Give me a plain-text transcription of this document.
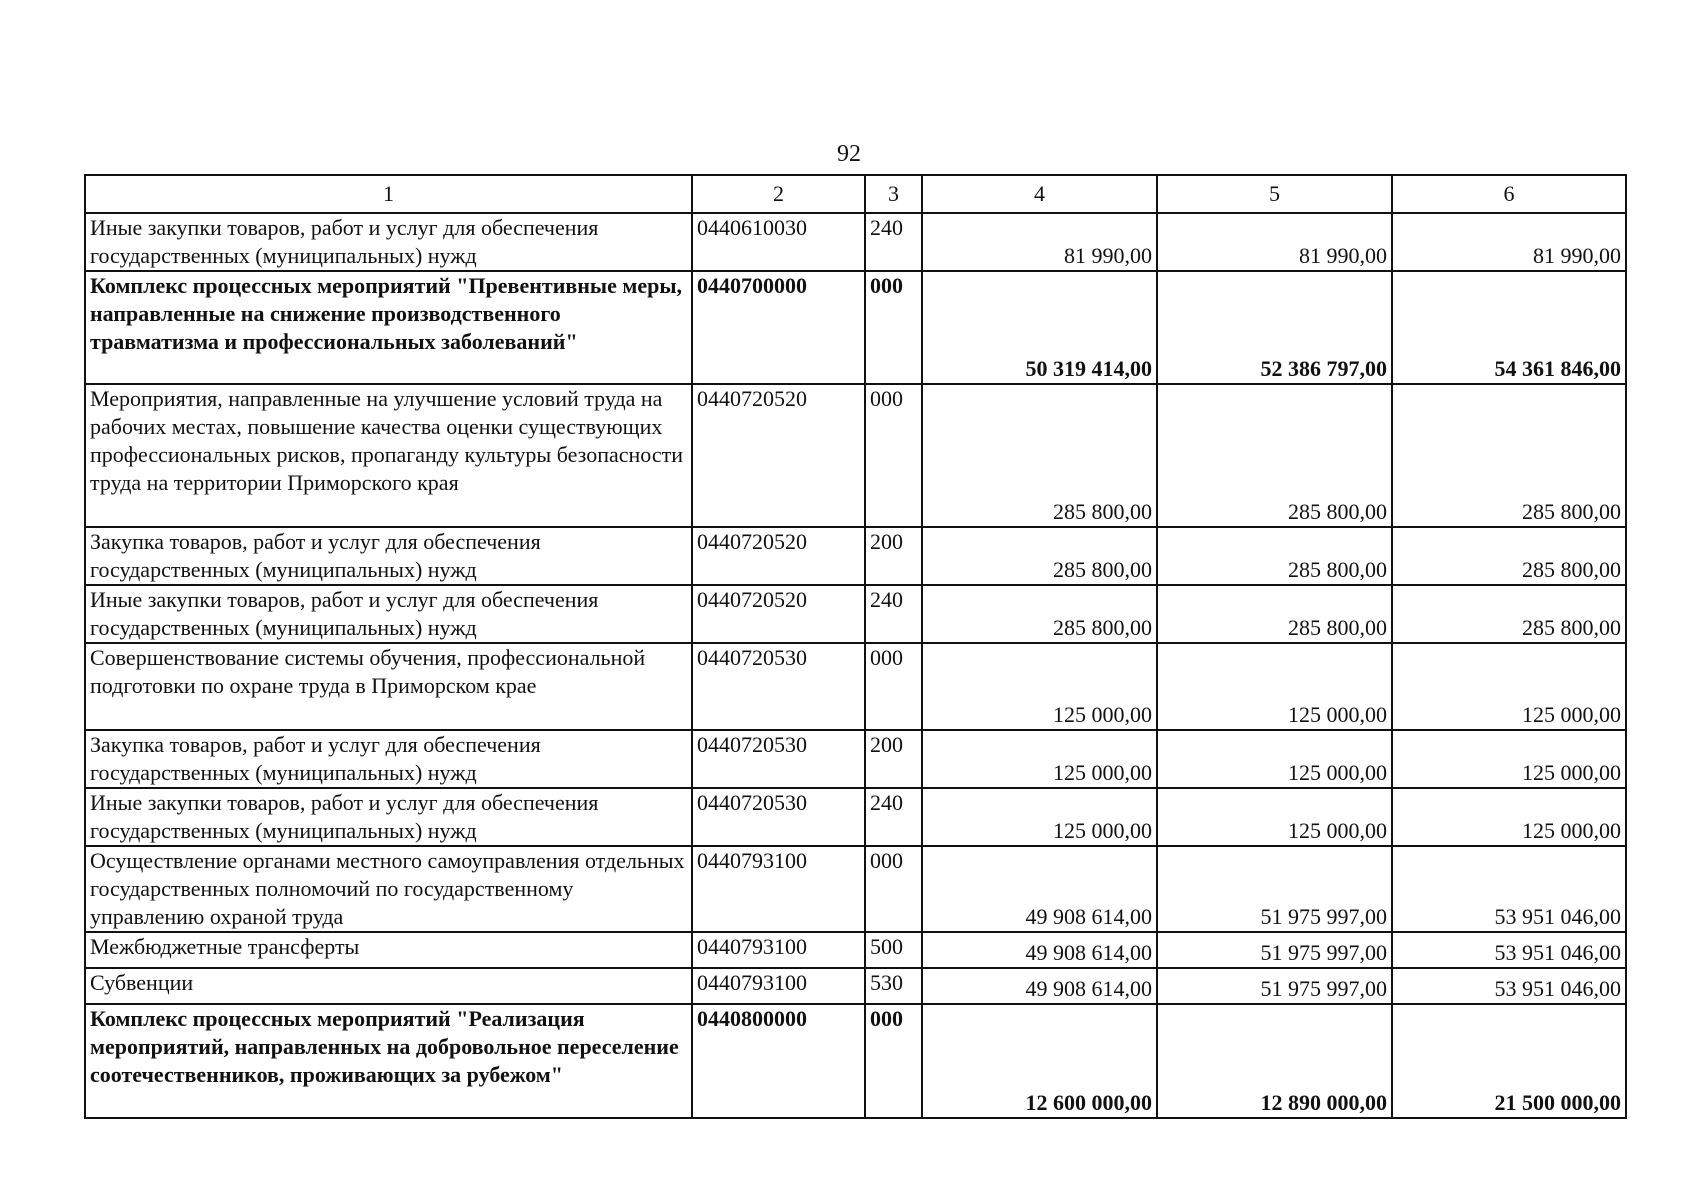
92
1	2	3	4	5	6
Иные закупки товаров, работ и услуг для обеспечения государственных (муниципальных) нужд	0440610030	240	81 990,00	81 990,00	81 990,00
Комплекс процессных мероприятий "Превентивные меры, направленные на снижение производственного травматизма и профессиональных заболеваний"	0440700000	000	50 319 414,00	52 386 797,00	54 361 846,00
Мероприятия, направленные на улучшение условий труда на рабочих местах, повышение качества оценки существующих профессиональных рисков, пропаганду культуры безопасности труда на территории Приморского края	0440720520	000	285 800,00	285 800,00	285 800,00
Закупка товаров, работ и услуг для обеспечения государственных (муниципальных) нужд	0440720520	200	285 800,00	285 800,00	285 800,00
Иные закупки товаров, работ и услуг для обеспечения государственных (муниципальных) нужд	0440720520	240	285 800,00	285 800,00	285 800,00
Совершенствование системы обучения, профессиональной подготовки по охране труда в Приморском крае	0440720530	000	125 000,00	125 000,00	125 000,00
Закупка товаров, работ и услуг для обеспечения государственных (муниципальных) нужд	0440720530	200	125 000,00	125 000,00	125 000,00
Иные закупки товаров, работ и услуг для обеспечения государственных (муниципальных) нужд	0440720530	240	125 000,00	125 000,00	125 000,00
Осуществление органами местного самоуправления отдельных государственных полномочий по государственному управлению охраной труда	0440793100	000	49 908 614,00	51 975 997,00	53 951 046,00
Межбюджетные трансферты	0440793100	500	49 908 614,00	51 975 997,00	53 951 046,00
Субвенции	0440793100	530	49 908 614,00	51 975 997,00	53 951 046,00
Комплекс процессных мероприятий "Реализация мероприятий, направленных на добровольное переселение соотечественников, проживающих за рубежом"	0440800000	000	12 600 000,00	12 890 000,00	21 500 000,00
